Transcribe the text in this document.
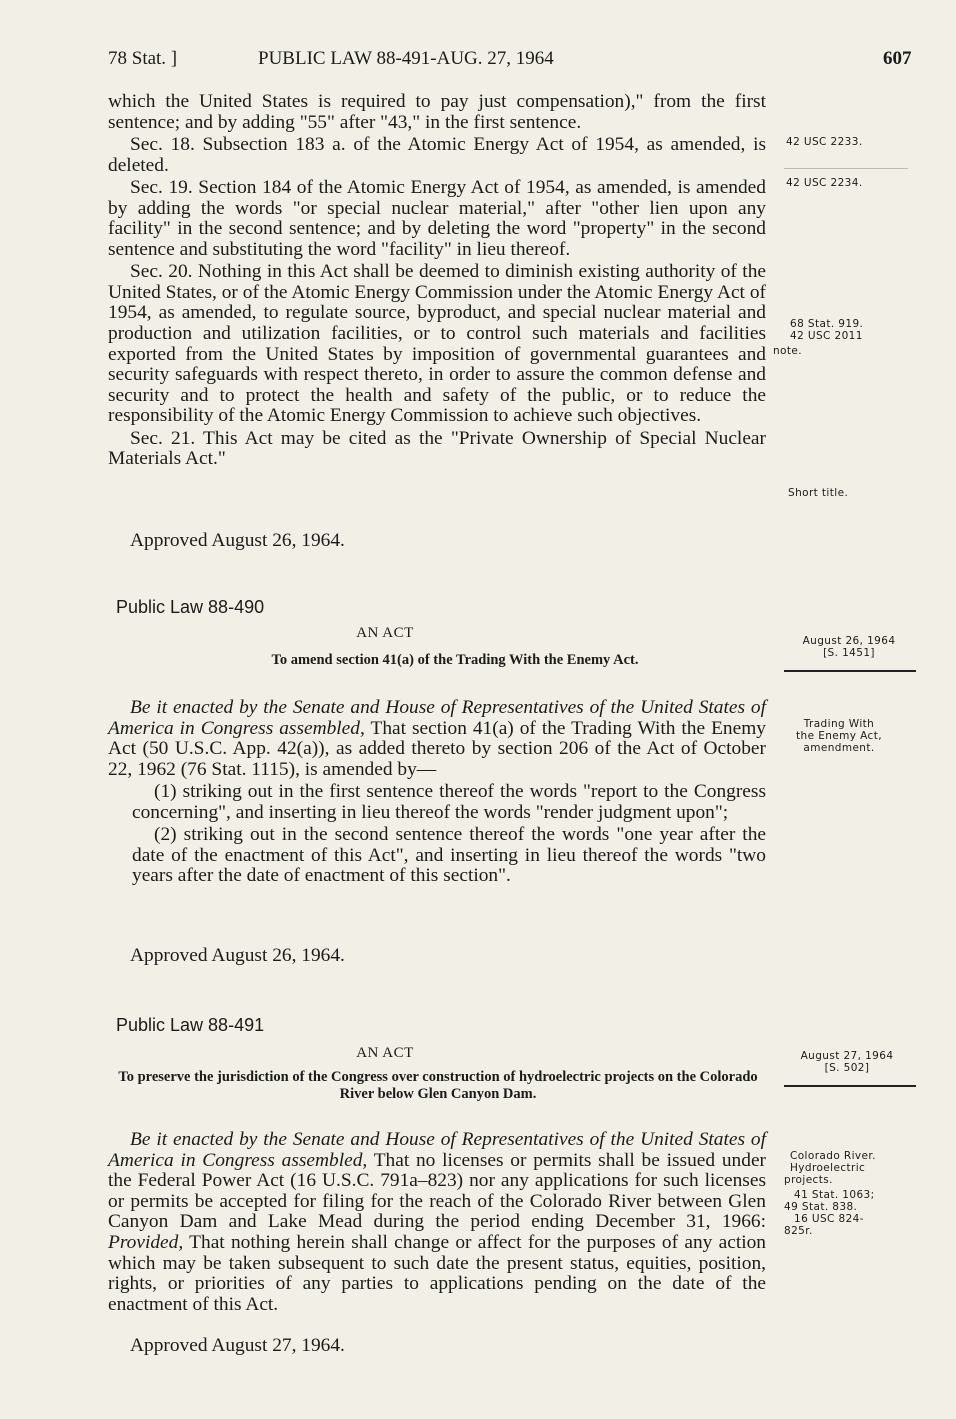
78 Stat. ]	PUBLIC LAW 88-491-AUG. 27, 1964	607

which the United States is required to pay just compensation)," from the first sentence; and by adding "55" after "43," in the first sentence.

Sec. 18. Subsection 183 a. of the Atomic Energy Act of 1954, as amended, is deleted.

Sec. 19. Section 184 of the Atomic Energy Act of 1954, as amended, is amended by adding the words "or special nuclear material," after "other lien upon any facility" in the second sentence; and by deleting the word "property" in the second sentence and substituting the word "facility" in lieu thereof.

Sec. 20. Nothing in this Act shall be deemed to diminish existing authority of the United States, or of the Atomic Energy Commission under the Atomic Energy Act of 1954, as amended, to regulate source, byproduct, and special nuclear material and production and utilization facilities, or to control such materials and facilities exported from the United States by imposition of governmental guarantees and security safeguards with respect thereto, in order to assure the common defense and security and to protect the health and safety of the public, or to reduce the responsibility of the Atomic Energy Commission to achieve such objectives.

Sec. 21. This Act may be cited as the "Private Ownership of Special Nuclear Materials Act."

Approved August 26, 1964.
Public Law 88-490
AN ACT
To amend section 41(a) of the Trading With the Enemy Act.

Be it enacted by the Senate and House of Representatives of the United States of America in Congress assembled, That section 41(a) of the Trading With the Enemy Act (50 U.S.C. App. 42(a)), as added thereto by section 206 of the Act of October 22, 1962 (76 Stat. 1115), is amended by—

(1) striking out in the first sentence thereof the words "report to the Congress concerning", and inserting in lieu thereof the words "render judgment upon";

(2) striking out in the second sentence thereof the words "one year after the date of the enactment of this Act", and inserting in lieu thereof the words "two years after the date of enactment of this section".

Approved August 26, 1964.
Public Law 88-491
AN ACT
To preserve the jurisdiction of the Congress over construction of hydroelectric projects on the Colorado River below Glen Canyon Dam.

Be it enacted by the Senate and House of Representatives of the United States of America in Congress assembled, That no licenses or permits shall be issued under the Federal Power Act (16 U.S.C. 791a–823) nor any applications for such licenses or permits be accepted for filing for the reach of the Colorado River between Glen Canyon Dam and Lake Mead during the period ending December 31, 1966: Provided, That nothing herein shall change or affect for the purposes of any action which may be taken subsequent to such date the present status, equities, position, rights, or priorities of any parties to applications pending on the date of the enactment of this Act.

Approved August 27, 1964.
42 USC 2233.
42 USC 2234.
68 Stat. 919.
42 USC 2011
note.
Short title.
August 26, 1964
[S. 1451]
Trading With
the Enemy Act,
amendment.
August 27, 1964
[S. 502]
Colorado River.
Hydroelectric
projects.
41 Stat. 1063;
49 Stat. 838.
16 USC 824-
825r.
